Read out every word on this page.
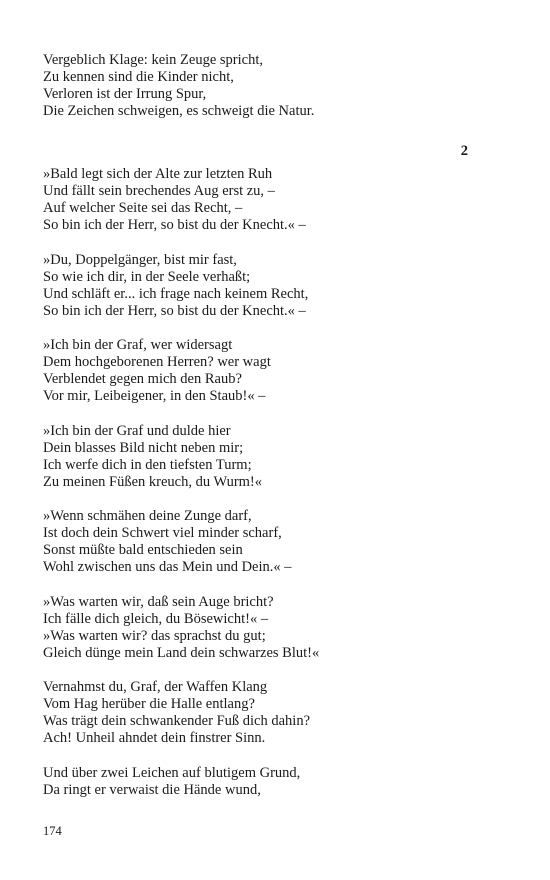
Vergeblich Klage: kein Zeuge spricht,
Zu kennen sind die Kinder nicht,
Verloren ist der Irrung Spur,
Die Zeichen schweigen, es schweigt die Natur.
2
»Bald legt sich der Alte zur letzten Ruh
Und fällt sein brechendes Aug erst zu, –
Auf welcher Seite sei das Recht, –
So bin ich der Herr, so bist du der Knecht.« –
»Du, Doppelgänger, bist mir fast,
So wie ich dir, in der Seele verhaßt;
Und schläft er... ich frage nach keinem Recht,
So bin ich der Herr, so bist du der Knecht.« –
»Ich bin der Graf, wer widersagt
Dem hochgeborenen Herren? wer wagt
Verblendet gegen mich den Raub?
Vor mir, Leibeigener, in den Staub!« –
»Ich bin der Graf und dulde hier
Dein blasses Bild nicht neben mir;
Ich werfe dich in den tiefsten Turm;
Zu meinen Füßen kreuch, du Wurm!«
»Wenn schmähen deine Zunge darf,
Ist doch dein Schwert viel minder scharf,
Sonst müßte bald entschieden sein
Wohl zwischen uns das Mein und Dein.« –
»Was warten wir, daß sein Auge bricht?
Ich fälle dich gleich, du Bösewicht!« –
»Was warten wir? das sprachst du gut;
Gleich dünge mein Land dein schwarzes Blut!«
Vernahmst du, Graf, der Waffen Klang
Vom Hag herüber die Halle entlang?
Was trägt dein schwankender Fuß dich dahin?
Ach! Unheil ahndet dein finstrer Sinn.
Und über zwei Leichen auf blutigem Grund,
Da ringt er verwaist die Hände wund,
174
